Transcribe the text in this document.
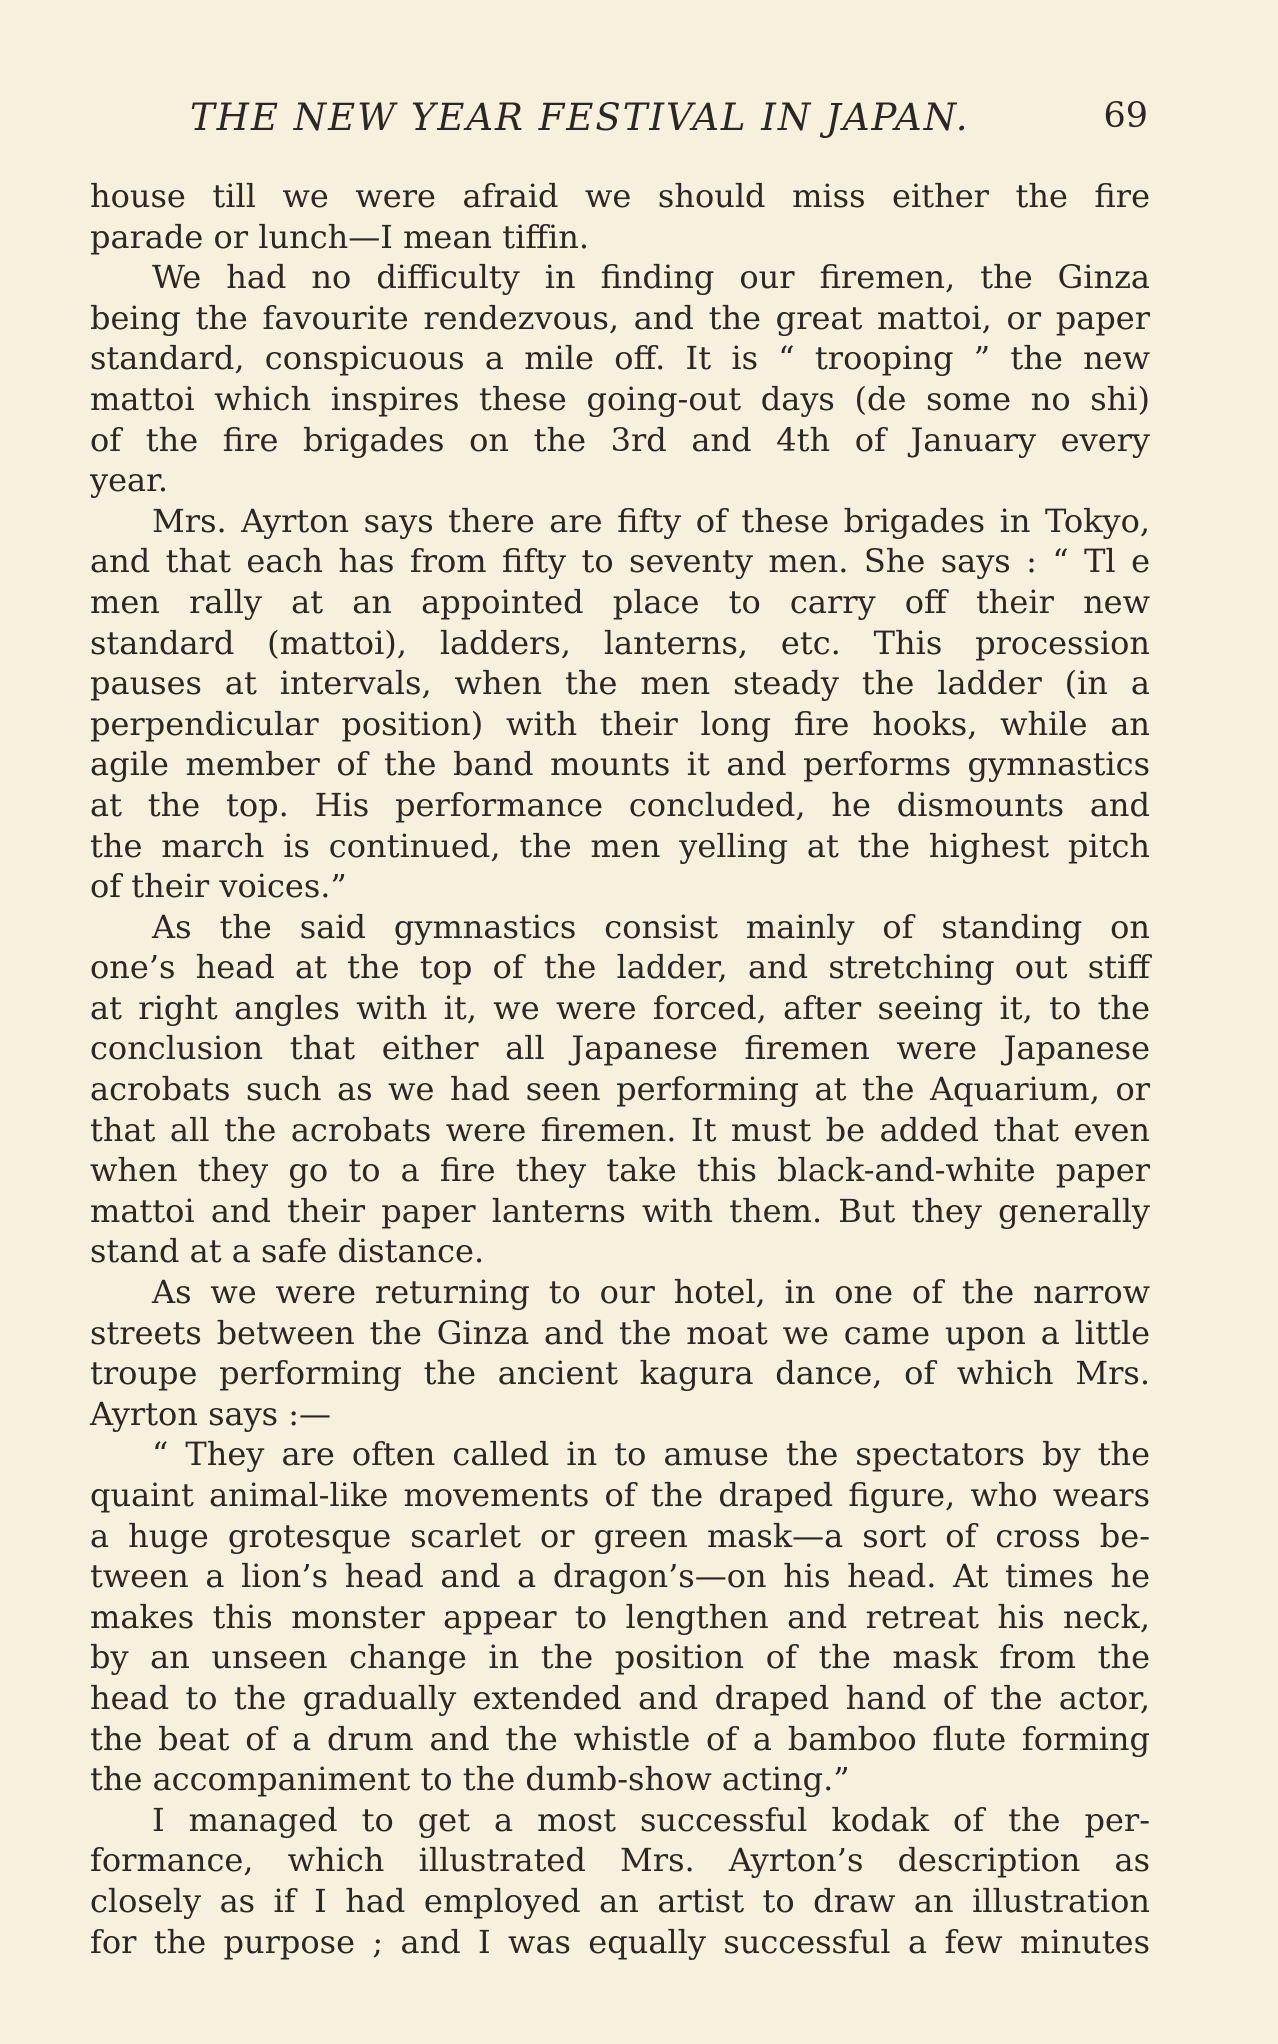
THE NEW YEAR FESTIVAL IN JAPAN.	69
house till we were afraid we should miss either the fire
parade or lunch—I mean tiffin.
We had no difficulty in finding our firemen, the Ginza
being the favourite rendezvous, and the great mattoi, or paper
standard, conspicuous a mile off. It is “ trooping ” the new
mattoi which inspires these going-out days (de some no shi)
of the fire brigades on the 3rd and 4th of January every
year.
Mrs. Ayrton says there are fifty of these brigades in Tokyo,
and that each has from fifty to seventy men. She says : “ Tl e
men rally at an appointed place to carry off their new
standard (mattoi), ladders, lanterns, etc. This procession
pauses at intervals, when the men steady the ladder (in a
perpendicular position) with their long fire hooks, while an
agile member of the band mounts it and performs gymnastics
at the top. His performance concluded, he dismounts and
the march is continued, the men yelling at the highest pitch
of their voices.”
As the said gymnastics consist mainly of standing on
one’s head at the top of the ladder, and stretching out stiff
at right angles with it, we were forced, after seeing it, to the
conclusion that either all Japanese firemen were Japanese
acrobats such as we had seen performing at the Aquarium, or
that all the acrobats were firemen. It must be added that even
when they go to a fire they take this black-and-white paper
mattoi and their paper lanterns with them. But they generally
stand at a safe distance.
As we were returning to our hotel, in one of the narrow
streets between the Ginza and the moat we came upon a little
troupe performing the ancient kagura dance, of which Mrs.
Ayrton says :—
“ They are often called in to amuse the spectators by the
quaint animal-like movements of the draped figure, who wears
a huge grotesque scarlet or green mask—a sort of cross be-
tween a lion’s head and a dragon’s—on his head. At times he
makes this monster appear to lengthen and retreat his neck,
by an unseen change in the position of the mask from the
head to the gradually extended and draped hand of the actor,
the beat of a drum and the whistle of a bamboo flute forming
the accompaniment to the dumb-show acting.”
I managed to get a most successful kodak of the per-
formance, which illustrated Mrs. Ayrton’s description as
closely as if I had employed an artist to draw an illustration
for the purpose ; and I was equally successful a few minutes
